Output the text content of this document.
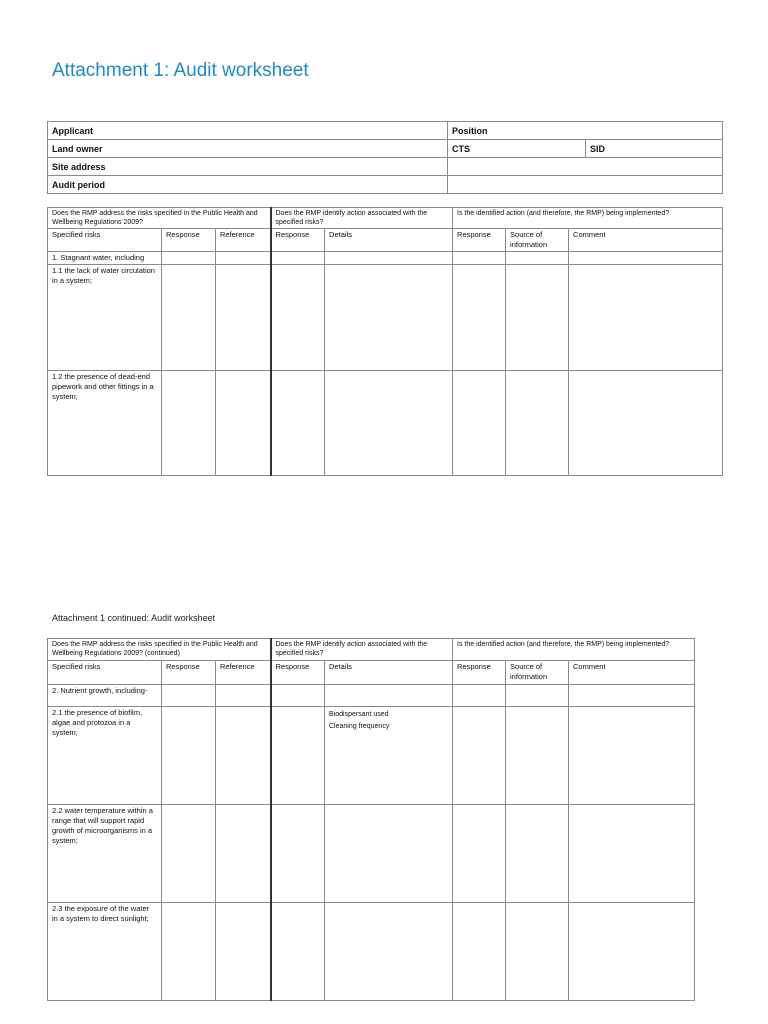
Attachment 1: Audit worksheet
Applicant	Position	
Land owner	CTS	SID
Site address		
Audit period		
Does the RMP address the risks specified in the Public Health and Wellbeing Regulations 2009?			Does the RMP identify action associated with the specified risks?		Is the identified action (and therefore, the RMP) being implemented?		
Specified risks	Response	Reference	Response	Details	Response	Source of information	Comment
1. Stagnant water, including							
1.1 the lack of water circulation in a system;							
1.2 the presence of dead-end pipework and other fittings in a system;							
Attachment 1 continued: Audit worksheet
Does the RMP address the risks specified in the Public Health and Wellbeing Regulations 2009? (continued)			Does the RMP identify action associated with the specified risks?		Is the identified action (and therefore, the RMP) being implemented?		
Specified risks	Response	Reference	Response	Details	Response	Source of information	Comment
2. Nutrient growth, including-							
2.1 the presence of biofilm, algae and protozoa in a system;				Biodispersant used
Cleaning frequency			

2.2 water temperature within a range that will support rapid growth of microorganisms in a system;							
2.3 the exposure of the water in a system to direct sunlight;							
